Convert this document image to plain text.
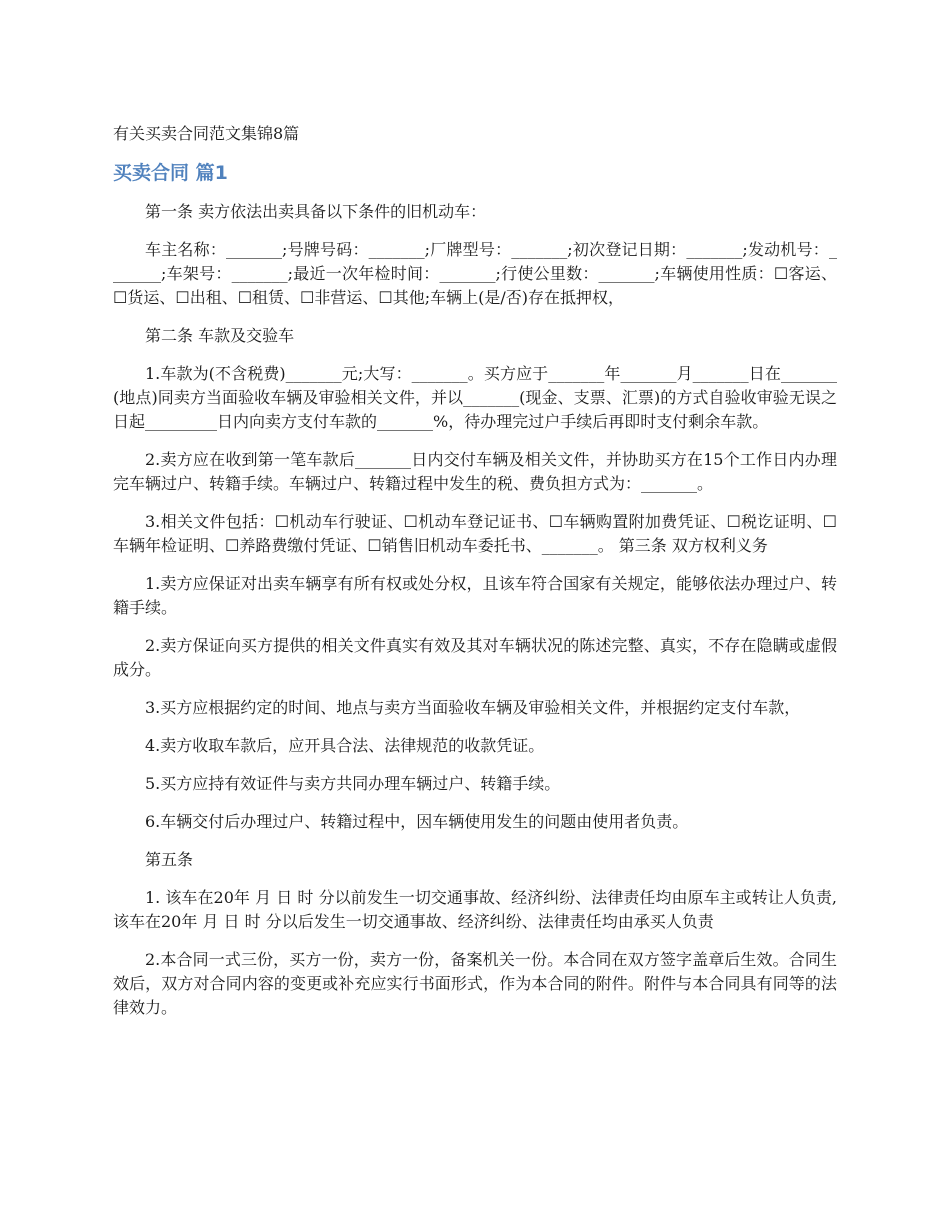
有关买卖合同范文集锦8篇
买卖合同 篇1

第一条 卖方依法出卖具备以下条件的旧机动车：

车主名称：_______;号牌号码：_______;厂牌型号：_______;初次登记日期：_______;发动机号：_______;车架号：_______;最近一次年检时间：_______;行使公里数：_______;车辆使用性质：☐客运、☐货运、☐出租、☐租赁、☐非营运、☐其他;车辆上(是/否)存在抵押权，

第二条 车款及交验车

1.车款为(不含税费)_______元;大写：_______。买方应于_______年_______月_______日在_______(地点)同卖方当面验收车辆及审验相关文件，并以_______(现金、支票、汇票)的方式自验收审验无误之日起_________日内向卖方支付车款的_______%，待办理完过户手续后再即时支付剩余车款。

2.卖方应在收到第一笔车款后_______日内交付车辆及相关文件，并协助买方在15个工作日内办理完车辆过户、转籍手续。车辆过户、转籍过程中发生的税、费负担方式为：_______。

3.相关文件包括：☐机动车行驶证、☐机动车登记证书、☐车辆购置附加费凭证、☐税讫证明、☐车辆年检证明、☐养路费缴付凭证、☐销售旧机动车委托书、_______。 第三条 双方权利义务

1.卖方应保证对出卖车辆享有所有权或处分权，且该车符合国家有关规定，能够依法办理过户、转籍手续。

2.卖方保证向买方提供的相关文件真实有效及其对车辆状况的陈述完整、真实，不存在隐瞒或虚假成分。

3.买方应根据约定的时间、地点与卖方当面验收车辆及审验相关文件，并根据约定支付车款，

4.卖方收取车款后，应开具合法、法律规范的收款凭证。

5.买方应持有效证件与卖方共同办理车辆过户、转籍手续。

6.车辆交付后办理过户、转籍过程中，因车辆使用发生的问题由使用者负责。

第五条

1. 该车在20年 月 日 时 分以前发生一切交通事故、经济纠纷、法律责任均由原车主或转让人负责, 该车在20年 月 日 时 分以后发生一切交通事故、经济纠纷、法律责任均由承买人负责

2.本合同一式三份，买方一份，卖方一份，备案机关一份。本合同在双方签字盖章后生效。合同生效后，双方对合同内容的变更或补充应实行书面形式，作为本合同的附件。附件与本合同具有同等的法律效力。
